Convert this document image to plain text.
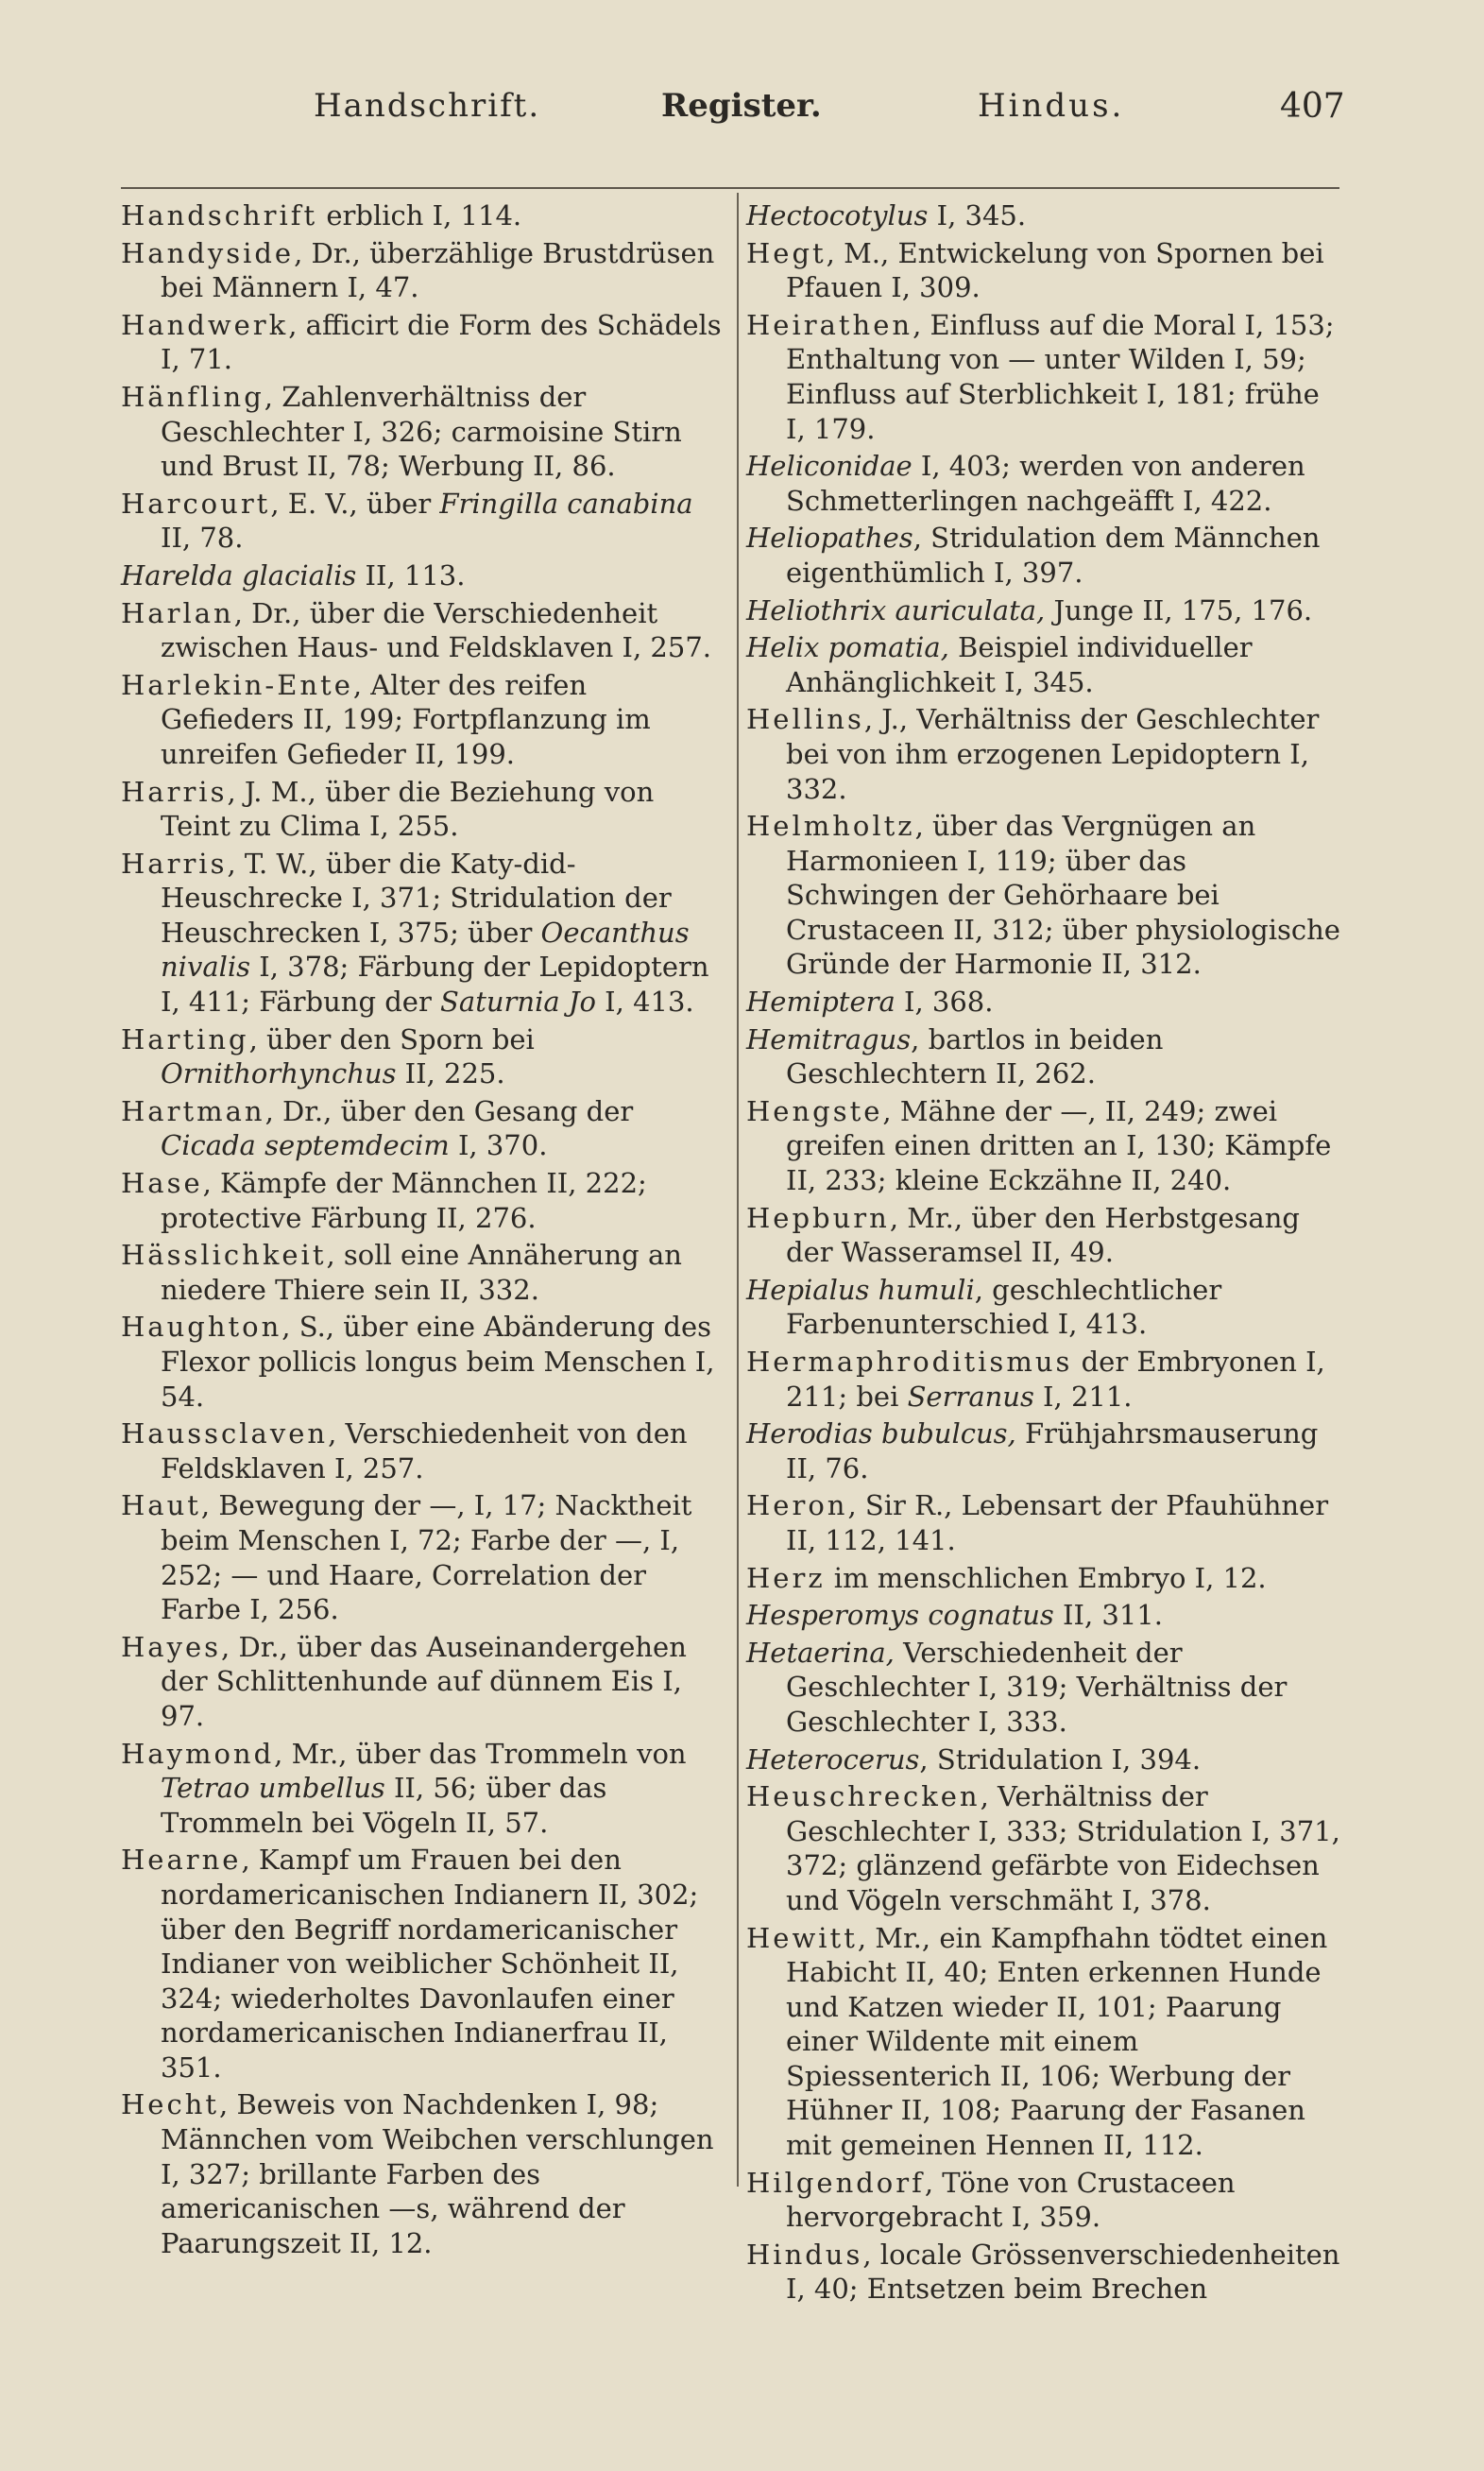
Handschrift.	Register.	Hindus.	407
Handschrift erblich I, 114.
Handyside, Dr., überzählige Brustdrüsen bei Männern I, 47.
Handwerk, afficirt die Form des Schädels I, 71.
Hänfling, Zahlenverhältniss der Geschlechter I, 326; carmoisine Stirn und Brust II, 78; Werbung II, 86.
Harcourt, E. V., über Fringilla canabina II, 78.
Harelda glacialis II, 113.
Harlan, Dr., über die Verschiedenheit zwischen Haus- und Feldsklaven I, 257.
Harlekin-Ente, Alter des reifen Gefieders II, 199; Fortpflanzung im unreifen Gefieder II, 199.
Harris, J. M., über die Beziehung von Teint zu Clima I, 255.
Harris, T. W., über die Katy-did-Heuschrecke I, 371; Stridulation der Heuschrecken I, 375; über Oecanthus nivalis I, 378; Färbung der Lepidoptern I, 411; Färbung der Saturnia Jo I, 413.
Harting, über den Sporn bei Ornithorhynchus II, 225.
Hartman, Dr., über den Gesang der Cicada septemdecim I, 370.
Hase, Kämpfe der Männchen II, 222; protective Färbung II, 276.
Hässlichkeit, soll eine Annäherung an niedere Thiere sein II, 332.
Haughton, S., über eine Abänderung des Flexor pollicis longus beim Menschen I, 54.
Haussclaven, Verschiedenheit von den Feldsklaven I, 257.
Haut, Bewegung der —, I, 17; Nacktheit beim Menschen I, 72; Farbe der —, I, 252; — und Haare, Correlation der Farbe I, 256.
Hayes, Dr., über das Auseinandergehen der Schlittenhunde auf dünnem Eis I, 97.
Haymond, Mr., über das Trommeln von Tetrao umbellus II, 56; über das Trommeln bei Vögeln II, 57.
Hearne, Kampf um Frauen bei den nordamericanischen Indianern II, 302; über den Begriff nordamericanischer Indianer von weiblicher Schönheit II, 324; wiederholtes Davonlaufen einer nordamericanischen Indianerfrau II, 351.
Hecht, Beweis von Nachdenken I, 98; Männchen vom Weibchen verschlungen I, 327; brillante Farben des americanischen —s, während der Paarungszeit II, 12.
Hectocotylus I, 345.
Hegt, M., Entwickelung von Spornen bei Pfauen I, 309.
Heirathen, Einfluss auf die Moral I, 153; Enthaltung von — unter Wilden I, 59; Einfluss auf Sterblichkeit I, 181; frühe I, 179.
Heliconidae I, 403; werden von anderen Schmetterlingen nachgeäfft I, 422.
Heliopathes, Stridulation dem Männchen eigenthümlich I, 397.
Heliothrix auriculata, Junge II, 175, 176.
Helix pomatia, Beispiel individueller Anhänglichkeit I, 345.
Hellins, J., Verhältniss der Geschlechter bei von ihm erzogenen Lepidoptern I, 332.
Helmholtz, über das Vergnügen an Harmonieen I, 119; über das Schwingen der Gehörhaare bei Crustaceen II, 312; über physiologische Gründe der Harmonie II, 312.
Hemiptera I, 368.
Hemitragus, bartlos in beiden Geschlechtern II, 262.
Hengste, Mähne der —, II, 249; zwei greifen einen dritten an I, 130; Kämpfe II, 233; kleine Eckzähne II, 240.
Hepburn, Mr., über den Herbstgesang der Wasseramsel II, 49.
Hepialus humuli, geschlechtlicher Farbenunterschied I, 413.
Hermaphroditismus der Embryonen I, 211; bei Serranus I, 211.
Herodias bubulcus, Frühjahrsmauserung II, 76.
Heron, Sir R., Lebensart der Pfauhühner II, 112, 141.
Herz im menschlichen Embryo I, 12.
Hesperomys cognatus II, 311.
Hetaerina, Verschiedenheit der Geschlechter I, 319; Verhältniss der Geschlechter I, 333.
Heterocerus, Stridulation I, 394.
Heuschrecken, Verhältniss der Geschlechter I, 333; Stridulation I, 371, 372; glänzend gefärbte von Eidechsen und Vögeln verschmäht I, 378.
Hewitt, Mr., ein Kampfhahn tödtet einen Habicht II, 40; Enten erkennen Hunde und Katzen wieder II, 101; Paarung einer Wildente mit einem Spiessenterich II, 106; Werbung der Hühner II, 108; Paarung der Fasanen mit gemeinen Hennen II, 112.
Hilgendorf, Töne von Crustaceen hervorgebracht I, 359.
Hindus, locale Grössenverschiedenheiten I, 40; Entsetzen beim Brechen
